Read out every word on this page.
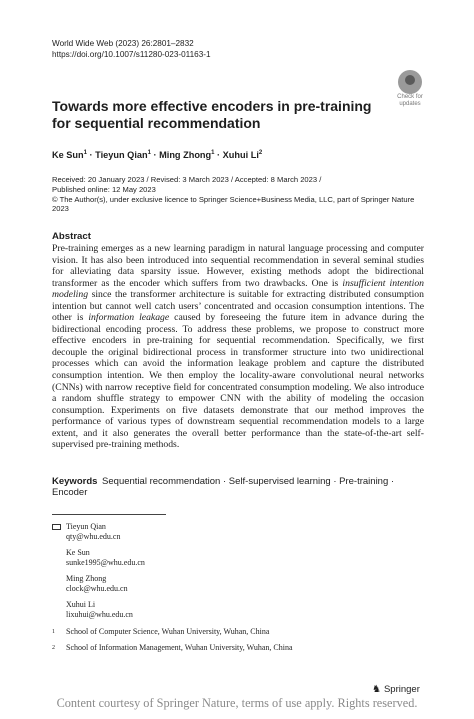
World Wide Web (2023) 26:2801–2832
https://doi.org/10.1007/s11280-023-01163-1
Check for
updates
Towards more effective encoders in pre-training for sequential recommendation
Ke Sun$^1$ · Tieyun Qian$^1$ · Ming Zhong$^1$ · Xuhui Li$^2$
Received: 20 January 2023 / Revised: 3 March 2023 / Accepted: 8 March 2023 /
Published online: 12 May 2023
© The Author(s), under exclusive licence to Springer Science+Business Media, LLC, part of Springer Nature 2023
Abstract
Pre-training emerges as a new learning paradigm in natural language processing and computer vision. It has also been introduced into sequential recommendation in several seminal studies for alleviating data sparsity issue. However, existing methods adopt the bidirectional transformer as the encoder which suffers from two drawbacks. One is insufficient intention modeling since the transformer architecture is suitable for extracting distributed consumption intention but cannot well catch users’ concentrated and occasion consumption intentions. The other is information leakage caused by foreseeing the future item in advance during the bidirectional encoding process. To address these problems, we propose to construct more effective encoders in pre-training for sequential recommendation. Specifically, we first decouple the original bidirectional process in transformer structure into two unidirectional processes which can avoid the information leakage problem and capture the distributed consumption intention. We then employ the locality-aware convolutional neural networks (CNNs) with narrow receptive field for concentrated consumption modeling. We also introduce a random shuffle strategy to empower CNN with the ability of modeling the occasion consumption. Experiments on five datasets demonstrate that our method improves the performance of various types of downstream sequential recommendation models to a large extent, and it also generates the overall better performance than the state-of-the-art self-supervised pre-training methods.
Keywords Sequential recommendation · Self-supervised learning · Pre-training · Encoder
Tieyun Qian
qty@whu.edu.cn
Ke Sun
sunke1995@whu.edu.cn
Ming Zhong
clock@whu.edu.cn
Xuhui Li
lixuhui@whu.edu.cn
1	School of Computer Science, Wuhan University, Wuhan, China
2	School of Information Management, Wuhan University, Wuhan, China
♞ Springer
Content courtesy of Springer Nature, terms of use apply. Rights reserved.
